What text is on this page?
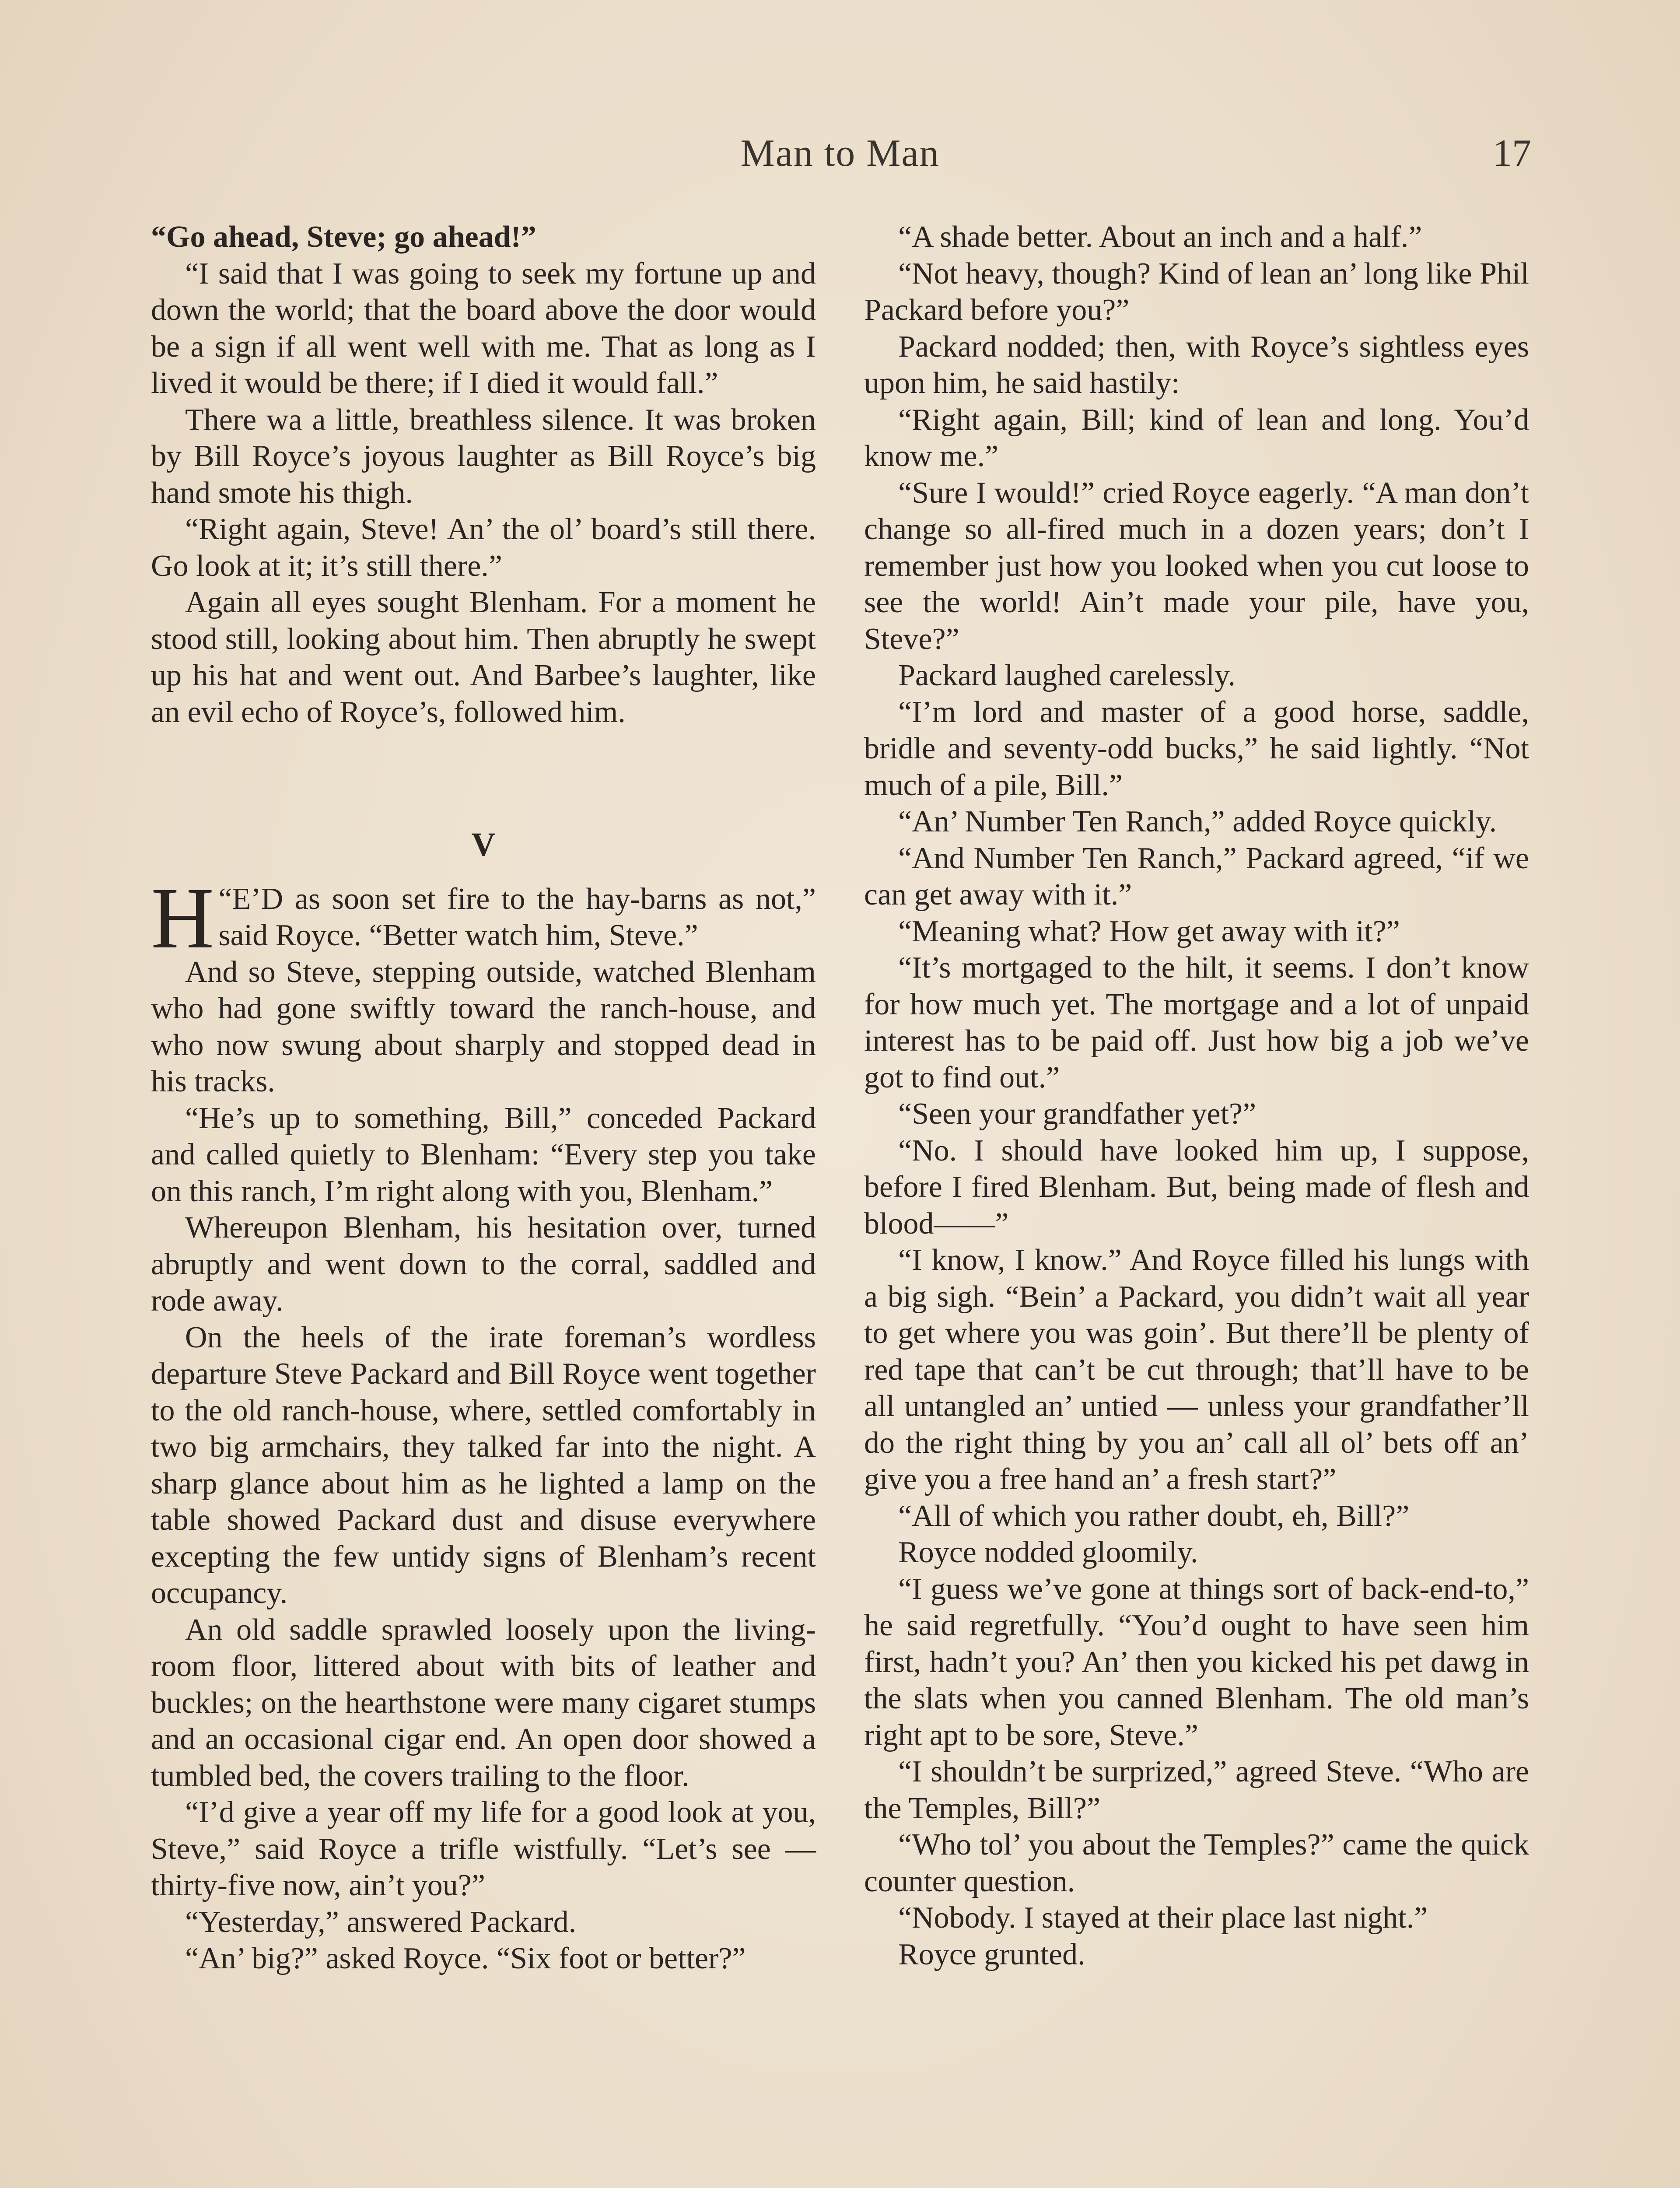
Man to Man	17

“Go ahead, Steve; go ahead!”

“I said that I was going to seek my fortune up and down the world; that the board above the door would be a sign if all went well with me. That as long as I lived it would be there; if I died it would fall.”

There wa a little, breathless silence. It was broken by Bill Royce’s joyous laughter as Bill Royce’s big hand smote his thigh.

“Right again, Steve! An’ the ol’ board’s still there. Go look at it; it’s still there.”

Again all eyes sought Blenham. For a moment he stood still, looking about him. Then abruptly he swept up his hat and went out. And Barbee’s laughter, like an evil echo of Royce’s, followed him.

V

“
H E’D as soon set fire to the hay-barns as not,” said Royce. “Better watch him, Steve.”

And so Steve, stepping outside, watched Blenham who had gone swiftly toward the ranch-house, and who now swung about sharply and stopped dead in his tracks.

“He’s up to something, Bill,” conceded Packard and called quietly to Blenham: “Every step you take on this ranch, I’m right along with you, Blenham.”

Whereupon Blenham, his hesitation over, turned abruptly and went down to the corral, saddled and rode away.

On the heels of the irate foreman’s wordless departure Steve Packard and Bill Royce went together to the old ranch-house, where, settled comfortably in two big armchairs, they talked far into the night. A sharp glance about him as he lighted a lamp on the table showed Packard dust and disuse everywhere excepting the few untidy signs of Blenham’s recent occupancy.

An old saddle sprawled loosely upon the living-room floor, littered about with bits of leather and buckles; on the hearthstone were many cigaret stumps and an occasional cigar end. An open door showed a tumbled bed, the covers trailing to the floor.

“I’d give a year off my life for a good look at you, Steve,” said Royce a trifle wistfully. “Let’s see — thirty-five now, ain’t you?”

“Yesterday,” answered Packard.

“An’ big?” asked Royce. “Six foot or better?”

“A shade better. About an inch and a half.”

“Not heavy, though? Kind of lean an’ long like Phil Packard before you?”

Packard nodded; then, with Royce’s sightless eyes upon him, he said hastily:

“Right again, Bill; kind of lean and long. You’d know me.”

“Sure I would!” cried Royce eagerly. “A man don’t change so all-fired much in a dozen years; don’t I remember just how you looked when you cut loose to see the world! Ain’t made your pile, have you, Steve?”

Packard laughed carelessly.

“I’m lord and master of a good horse, saddle, bridle and seventy-odd bucks,” he said lightly. “Not much of a pile, Bill.”

“An’ Number Ten Ranch,” added Royce quickly.

“And Number Ten Ranch,” Packard agreed, “if we can get away with it.”

“Meaning what? How get away with it?”

“It’s mortgaged to the hilt, it seems. I don’t know for how much yet. The mortgage and a lot of unpaid interest has to be paid off. Just how big a job we’ve got to find out.”

“Seen your grandfather yet?”

“No. I should have looked him up, I suppose, before I fired Blenham. But, being made of flesh and blood——”

“I know, I know.” And Royce filled his lungs with a big sigh. “Bein’ a Packard, you didn’t wait all year to get where you was goin’. But there’ll be plenty of red tape that can’t be cut through; that’ll have to be all untangled an’ untied — unless your grandfather’ll do the right thing by you an’ call all ol’ bets off an’ give you a free hand an’ a fresh start?”

“All of which you rather doubt, eh, Bill?”

Royce nodded gloomily.

“I guess we’ve gone at things sort of back-end-to,” he said regretfully. “You’d ought to have seen him first, hadn’t you? An’ then you kicked his pet dawg in the slats when you canned Blenham. The old man’s right apt to be sore, Steve.”

“I shouldn’t be surprized,” agreed Steve. “Who are the Temples, Bill?”

“Who tol’ you about the Temples?” came the quick counter question.

“Nobody. I stayed at their place last night.”

Royce grunted.
